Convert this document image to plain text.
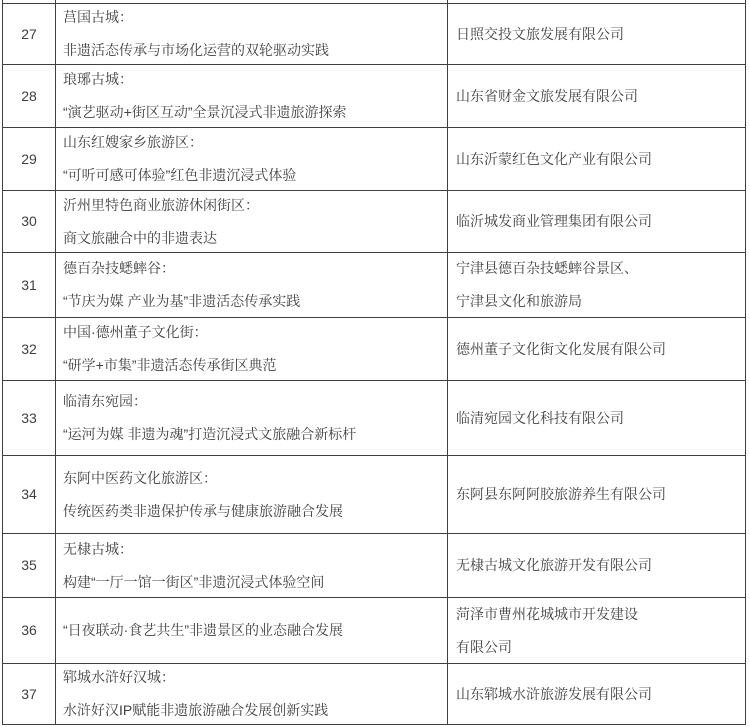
27
莒国古城：
非遗活态传承与市场化运营的双轮驱动实践
日照交投文旅发展有限公司
28
琅琊古城：
“演艺驱动+街区互动”全景沉浸式非遗旅游探索
山东省财金文旅发展有限公司
29
山东红嫂家乡旅游区：
“可听可感可体验”红色非遗沉浸式体验
山东沂蒙红色文化产业有限公司
30
沂州里特色商业旅游休闲街区：
商文旅融合中的非遗表达
临沂城发商业管理集团有限公司
31
德百杂技蟋蟀谷：
“节庆为媒 产业为基”非遗活态传承实践
宁津县德百杂技蟋蟀谷景区、
宁津县文化和旅游局
32
中国·德州董子文化街：
“研学+市集”非遗活态传承街区典范
德州董子文化街文化发展有限公司
33
临清东宛园：
“运河为媒 非遗为魂”打造沉浸式文旅融合新标杆
临清宛园文化科技有限公司
34
东阿中医药文化旅游区：
传统医药类非遗保护传承与健康旅游融合发展
东阿县东阿阿胶旅游养生有限公司
35
无棣古城：
构建“一厅一馆一街区”非遗沉浸式体验空间
无棣古城文化旅游开发有限公司
36 “日夜联动·食艺共生”非遗景区的业态融合发展
菏泽市曹州花城城市开发建设
有限公司
37
郓城水浒好汉城：
水浒好汉IP赋能非遗旅游融合发展创新实践
山东郓城水浒旅游发展有限公司
